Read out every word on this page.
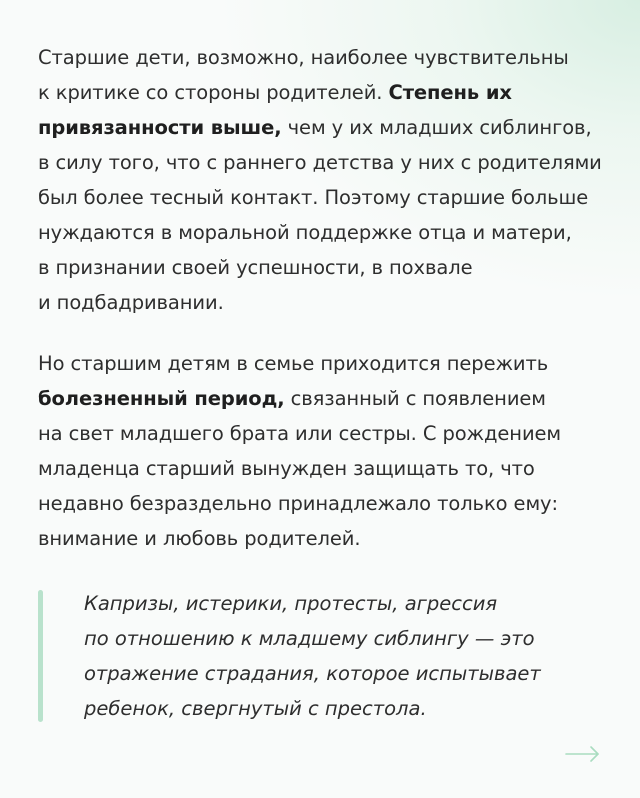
Старшие дети, возможно, наиболее чувствительны
к критике со стороны родителей. Степень их
привязанности выше, чем у их младших сиблингов,
в силу того, что с раннего детства у них с родителями
был более тесный контакт. Поэтому старшие больше
нуждаются в моральной поддержке отца и матери,
в признании своей успешности, в похвале
и подбадривании.

Но старшим детям в семье приходится пережить
болезненный период, связанный с появлением
на свет младшего брата или сестры. С рождением
младенца старший вынужден защищать то, что
недавно безраздельно принадлежало только ему:
внимание и любовь родителей.

Капризы, истерики, протесты, агрессия
по отношению к младшему сиблингу — это
отражение страдания, которое испытывает
ребенок, свергнутый с престола.
